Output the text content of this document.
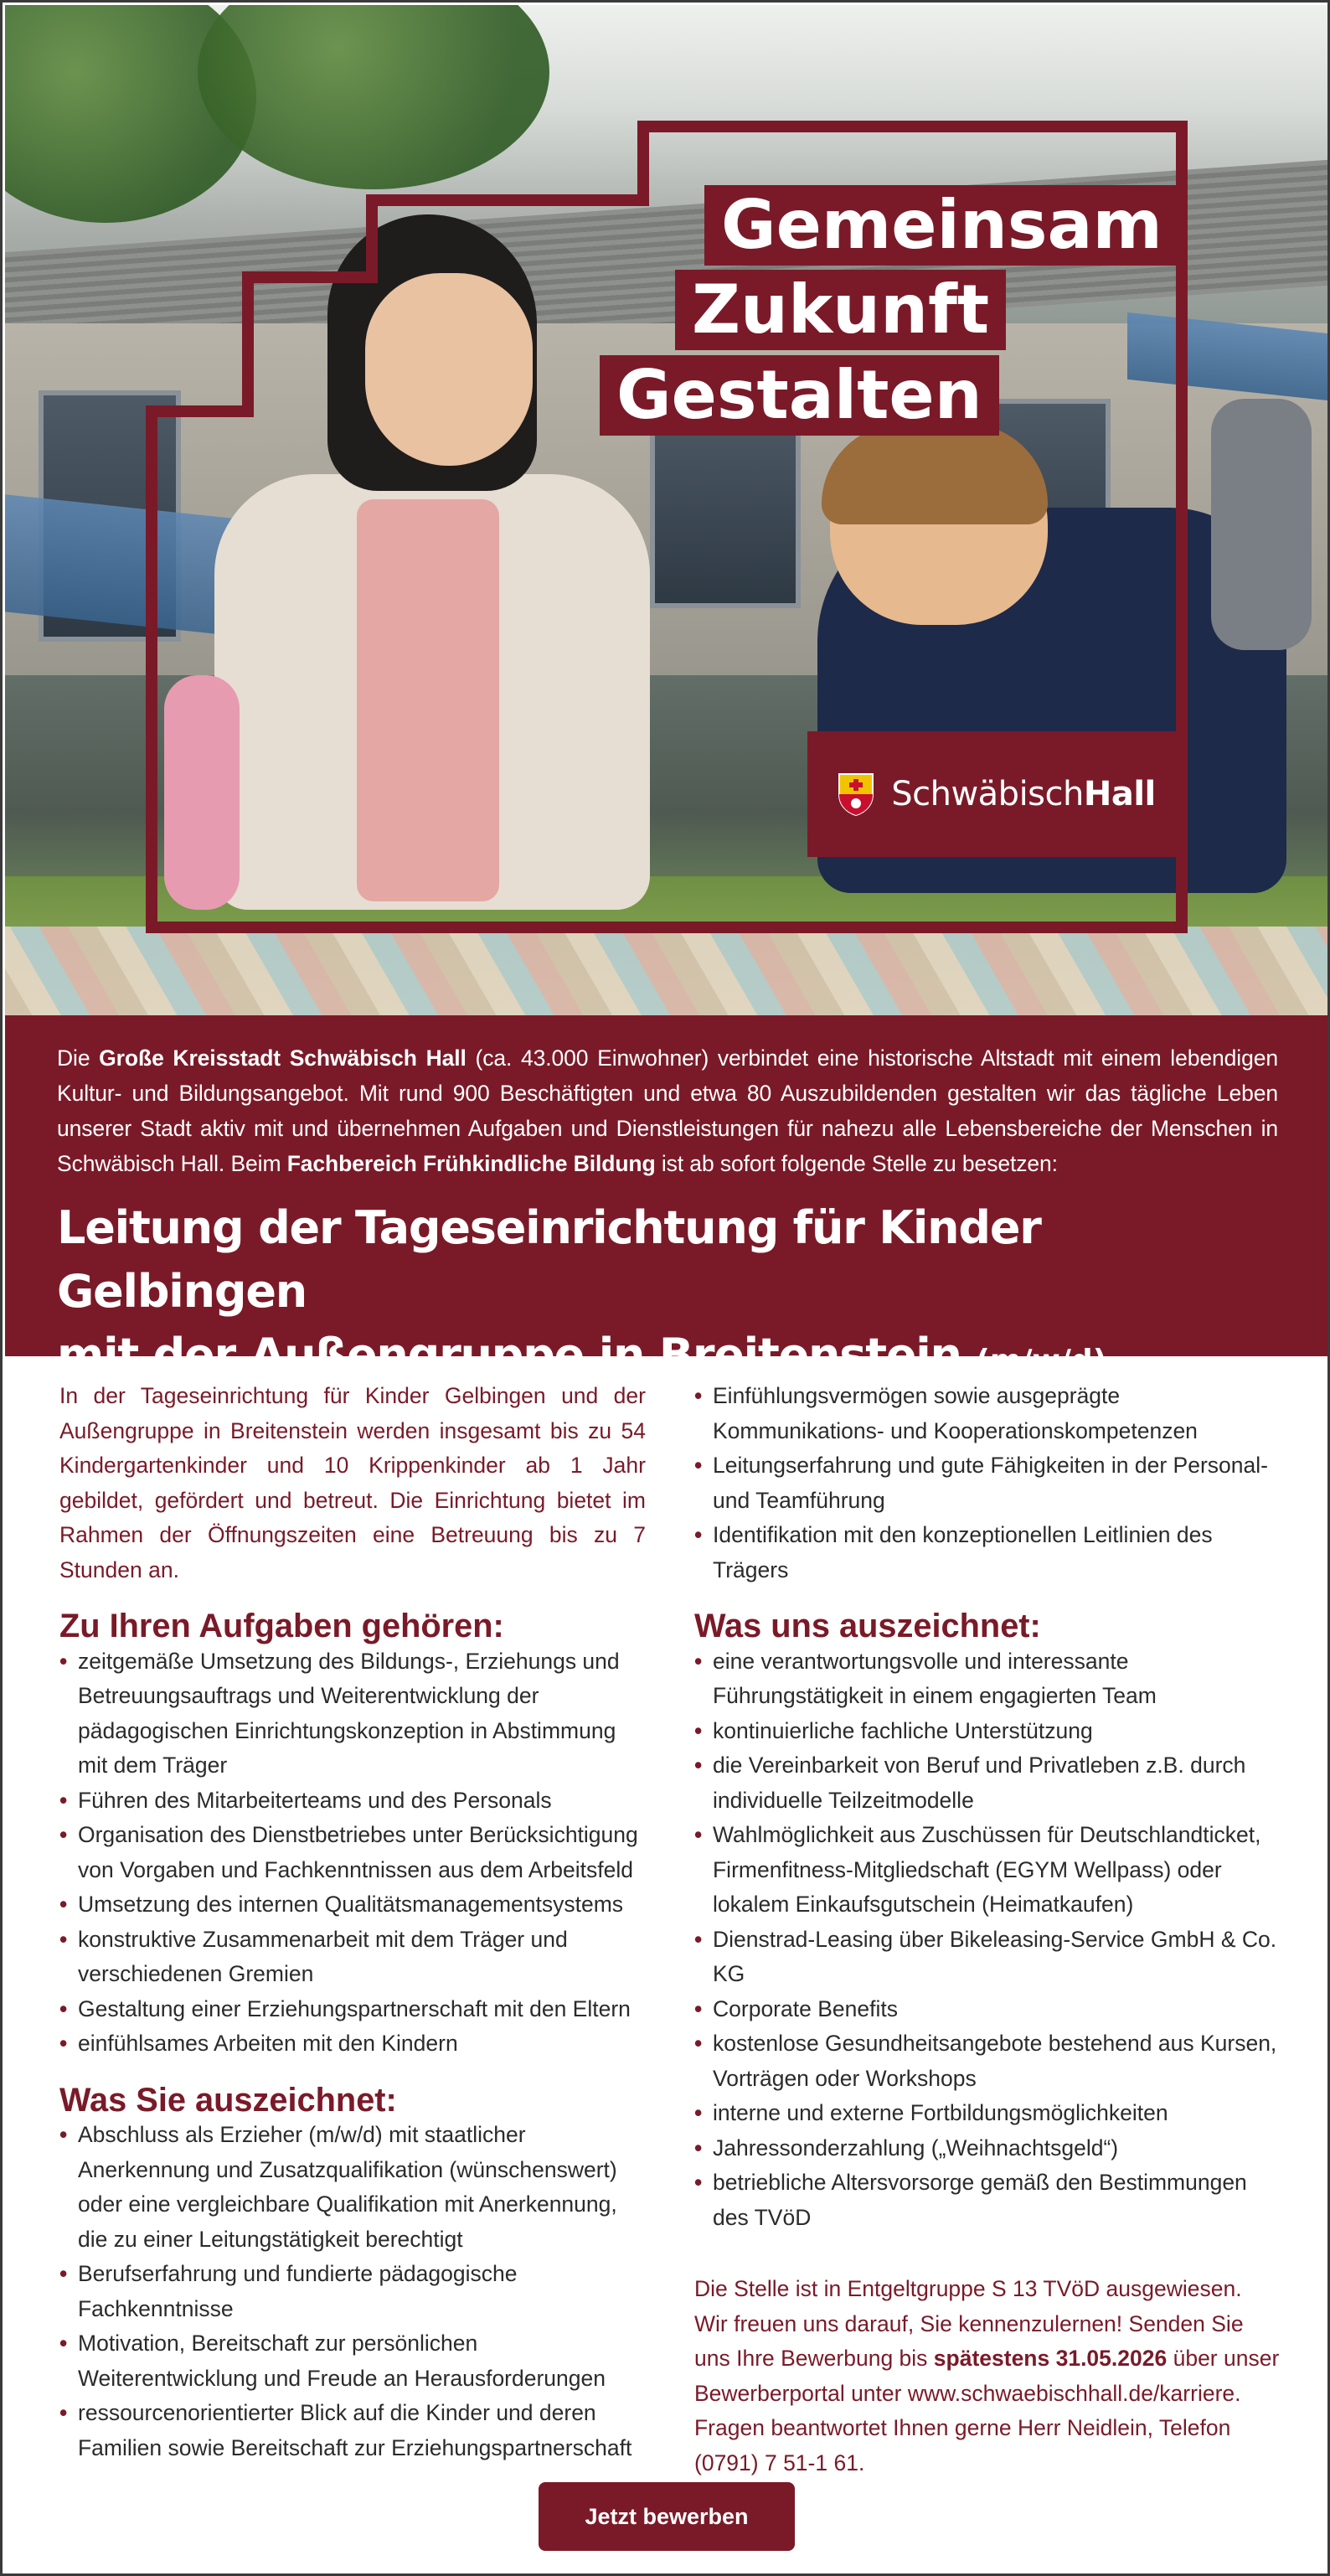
Gemeinsam
Zukunft
Gestalten
SchwäbischHall

Die Große Kreisstadt Schwäbisch Hall (ca. 43.000 Einwohner) verbindet eine historische Altstadt mit einem lebendigen Kultur- und Bildungsangebot. Mit rund 900 Beschäftigten und etwa 80 Auszubildenden gestalten wir das tägliche Leben unserer Stadt aktiv mit und übernehmen Aufgaben und Dienstleistungen für nahezu alle Lebensbereiche der Menschen in Schwäbisch Hall. Beim Fachbereich Frühkindliche Bildung ist ab sofort folgende Stelle zu besetzen:

Leitung der Tageseinrichtung für Kinder Gelbingen
mit der Außengruppe in Breitenstein (m/w/d)

In der Tageseinrichtung für Kinder Gelbingen und der Außengruppe in Breitenstein werden insgesamt bis zu 54 Kindergartenkinder und 10 Krippenkinder ab 1 Jahr gebildet, gefördert und betreut. Die Einrichtung bietet im Rahmen der Öffnungszeiten eine Betreuung bis zu 7 Stunden an.

Zu Ihren Aufgaben gehören:
• zeitgemäße Umsetzung des Bildungs-, Erziehungs und Betreuungsauftrags und Weiterentwicklung der pädagogischen Einrichtungskonzeption in Abstimmung mit dem Träger
• Führen des Mitarbeiterteams und des Personals
• Organisation des Dienstbetriebes unter Berücksichtigung von Vorgaben und Fachkenntnissen aus dem Arbeitsfeld
• Umsetzung des internen Qualitätsmanagementsystems
• konstruktive Zusammenarbeit mit dem Träger und verschiedenen Gremien
• Gestaltung einer Erziehungspartnerschaft mit den Eltern
• einfühlsames Arbeiten mit den Kindern
Was Sie auszeichnet:
• Abschluss als Erzieher (m/w/d) mit staatlicher Anerkennung und Zusatzqualifikation (wünschenswert) oder eine vergleichbare Qualifikation mit Anerkennung, die zu einer Leitungstätigkeit berechtigt
• Berufserfahrung und fundierte pädagogische Fachkenntnisse
• Motivation, Bereitschaft zur persönlichen Weiterentwicklung und Freude an Herausforderungen
• ressourcenorientierter Blick auf die Kinder und deren Familien sowie Bereitschaft zur Erziehungspartnerschaft
• Einfühlungsvermögen sowie ausgeprägte Kommunikations- und Kooperationskompetenzen
• Leitungserfahrung und gute Fähigkeiten in der Personal- und Teamführung
• Identifikation mit den konzeptionellen Leitlinien des Trägers
Was uns auszeichnet:
• eine verantwortungsvolle und interessante Führungstätigkeit in einem engagierten Team
• kontinuierliche fachliche Unterstützung
• die Vereinbarkeit von Beruf und Privatleben z.B. durch individuelle Teilzeitmodelle
• Wahlmöglichkeit aus Zuschüssen für Deutschlandticket, Firmenfitness-Mitgliedschaft (EGYM Wellpass) oder lokalem Einkaufsgutschein (Heimatkaufen)
• Dienstrad-Leasing über Bikeleasing-Service GmbH & Co. KG
• Corporate Benefits
• kostenlose Gesundheitsangebote bestehend aus Kursen, Vorträgen oder Workshops
• interne und externe Fortbildungsmöglichkeiten
• Jahressonderzahlung („Weihnachtsgeld“)
• betriebliche Altersvorsorge gemäß den Bestimmungen des TVöD

Die Stelle ist in Entgeltgruppe S 13 TVöD ausgewiesen. Wir freuen uns darauf, Sie kennenzulernen! Senden Sie uns Ihre Bewerbung bis spätestens 31.05.2026 über unser Bewerberportal unter www.schwaebischhall.de/karriere. Fragen beantwortet Ihnen gerne Herr Neidlein, Telefon (0791) 7 51-1 61.

Jetzt bewerben
